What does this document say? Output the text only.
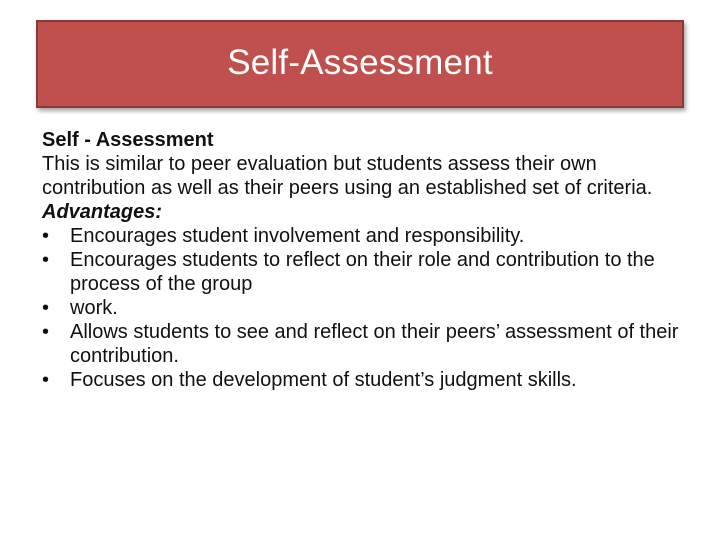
Self-Assessment

Self - Assessment

This is similar to peer evaluation but students assess their own contribution as well as their peers using an established set of criteria.

Advantages:

•	Encourages student involvement and responsibility.
•	Encourages students to reflect on their role and contribution to the process of the group
•	work.
•	Allows students to see and reflect on their peers’ assessment of their contribution.
•	Focuses on the development of student’s judgment skills.
